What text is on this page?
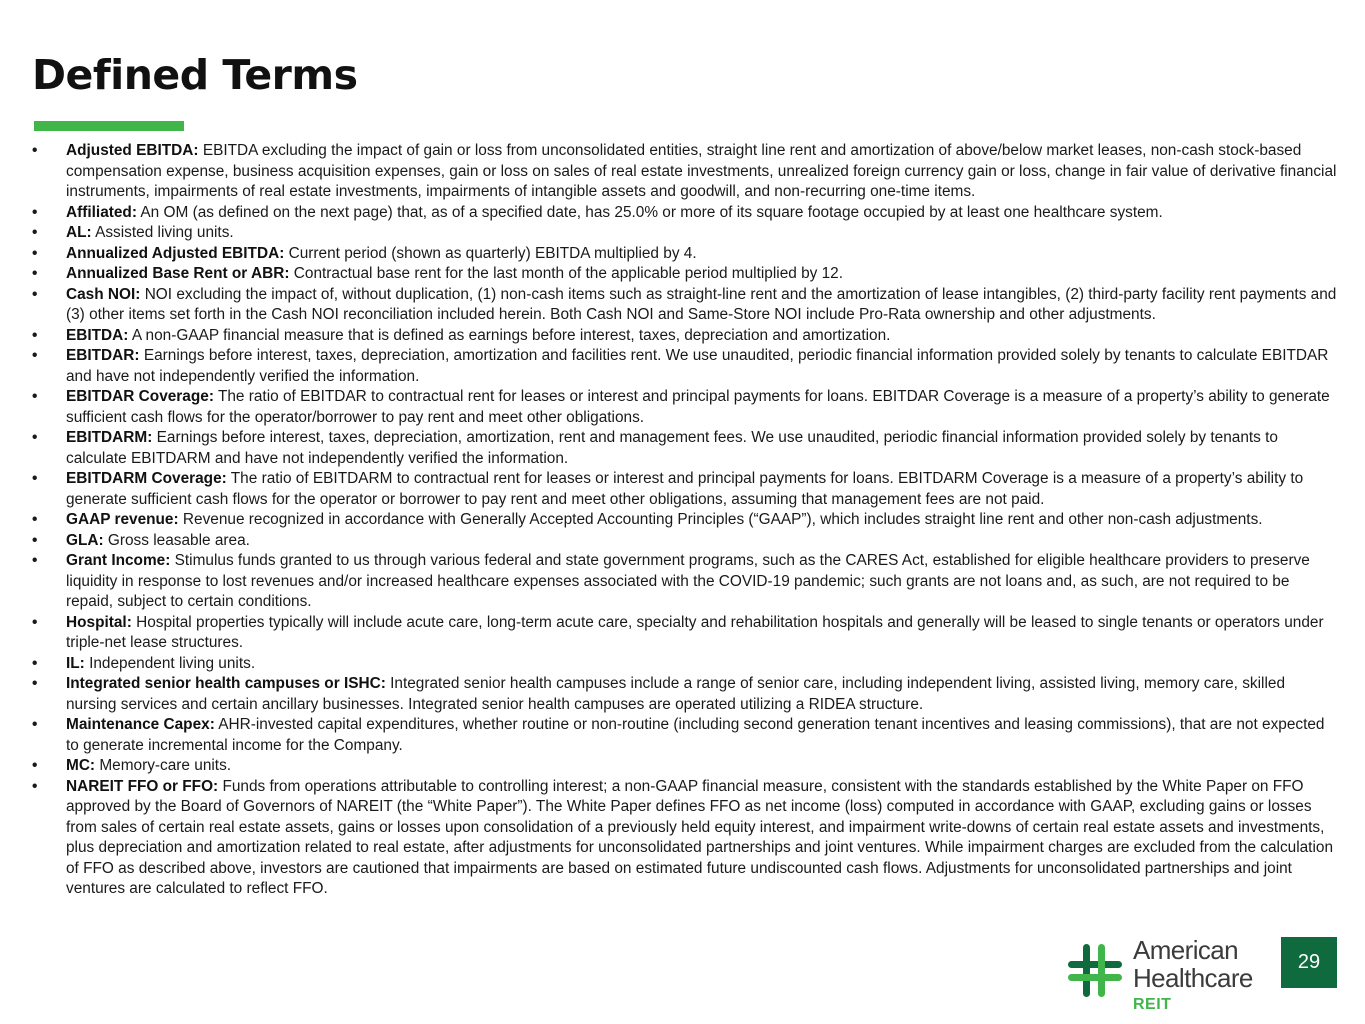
Defined Terms
• Adjusted EBITDA: EBITDA excluding the impact of gain or loss from unconsolidated entities, straight line rent and amortization of above/below market leases, non-cash stock-based compensation expense, business acquisition expenses, gain or loss on sales of real estate investments, unrealized foreign currency gain or loss, change in fair value of derivative financial instruments, impairments of real estate investments, impairments of intangible assets and goodwill, and non-recurring one-time items.
• Affiliated: An OM (as defined on the next page) that, as of a specified date, has 25.0% or more of its square footage occupied by at least one healthcare system.
• AL: Assisted living units.
• Annualized Adjusted EBITDA: Current period (shown as quarterly) EBITDA multiplied by 4.
• Annualized Base Rent or ABR: Contractual base rent for the last month of the applicable period multiplied by 12.
• Cash NOI: NOI excluding the impact of, without duplication, (1) non-cash items such as straight-line rent and the amortization of lease intangibles, (2) third-party facility rent payments and (3) other items set forth in the Cash NOI reconciliation included herein. Both Cash NOI and Same-Store NOI include Pro-Rata ownership and other adjustments.
• EBITDA: A non-GAAP financial measure that is defined as earnings before interest, taxes, depreciation and amortization.
• EBITDAR: Earnings before interest, taxes, depreciation, amortization and facilities rent. We use unaudited, periodic financial information provided solely by tenants to calculate EBITDAR and have not independently verified the information.
• EBITDAR Coverage: The ratio of EBITDAR to contractual rent for leases or interest and principal payments for loans. EBITDAR Coverage is a measure of a property’s ability to generate sufficient cash flows for the operator/borrower to pay rent and meet other obligations.
• EBITDARM: Earnings before interest, taxes, depreciation, amortization, rent and management fees. We use unaudited, periodic financial information provided solely by tenants to calculate EBITDARM and have not independently verified the information.
• EBITDARM Coverage: The ratio of EBITDARM to contractual rent for leases or interest and principal payments for loans. EBITDARM Coverage is a measure of a property’s ability to generate sufficient cash flows for the operator or borrower to pay rent and meet other obligations, assuming that management fees are not paid.
• GAAP revenue: Revenue recognized in accordance with Generally Accepted Accounting Principles (“GAAP”), which includes straight line rent and other non-cash adjustments.
• GLA: Gross leasable area.
• Grant Income: Stimulus funds granted to us through various federal and state government programs, such as the CARES Act, established for eligible healthcare providers to preserve liquidity in response to lost revenues and/or increased healthcare expenses associated with the COVID-19 pandemic; such grants are not loans and, as such, are not required to be repaid, subject to certain conditions.
• Hospital: Hospital properties typically will include acute care, long-term acute care, specialty and rehabilitation hospitals and generally will be leased to single tenants or operators under triple-net lease structures.
• IL: Independent living units.
• Integrated senior health campuses or ISHC: Integrated senior health campuses include a range of senior care, including independent living, assisted living, memory care, skilled nursing services and certain ancillary businesses. Integrated senior health campuses are operated utilizing a RIDEA structure.
• Maintenance Capex: AHR-invested capital expenditures, whether routine or non-routine (including second generation tenant incentives and leasing commissions), that are not expected to generate incremental income for the Company.
• MC: Memory-care units.
• NAREIT FFO or FFO: Funds from operations attributable to controlling interest; a non-GAAP financial measure, consistent with the standards established by the White Paper on FFO approved by the Board of Governors of NAREIT (the “White Paper”). The White Paper defines FFO as net income (loss) computed in accordance with GAAP, excluding gains or losses from sales of certain real estate assets, gains or losses upon consolidation of a previously held equity interest, and impairment write-downs of certain real estate assets and investments, plus depreciation and amortization related to real estate, after adjustments for unconsolidated partnerships and joint ventures. While impairment charges are excluded from the calculation of FFO as described above, investors are cautioned that impairments are based on estimated future undiscounted cash flows. Adjustments for unconsolidated partnerships and joint ventures are calculated to reflect FFO.
American
Healthcare
REIT
29
